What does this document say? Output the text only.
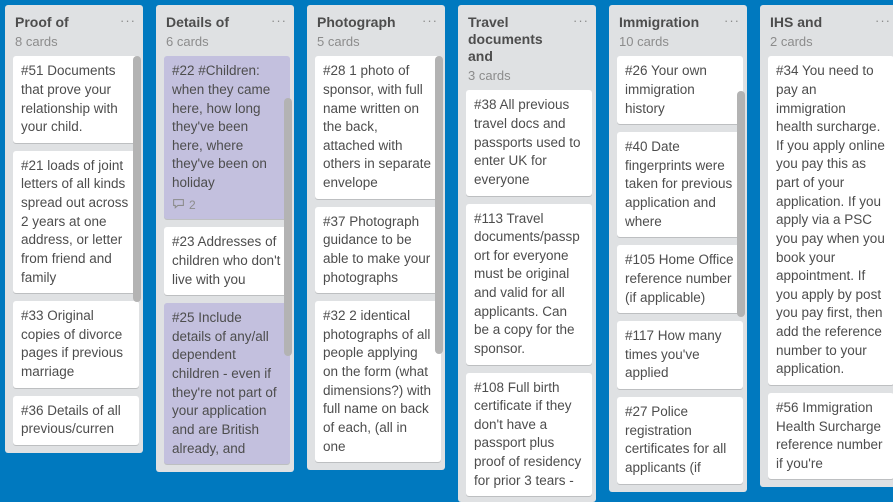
Proof of	···
8 cards
#51 Documents that prove your relationship with your child.
#21 loads of joint letters of all kinds spread out across 2 years at one address, or letter from friend and family
#33 Original copies of divorce pages if previous marriage
#36 Details of all previous/curren
Details of	···
6 cards
#22 #Children: when they came here, how long they've been here, where they've been on holiday
2
#23 Addresses of children who don't live with you
#25 Include details of any/all dependent children - even if they're not part of your application and are British already, and
Photograph	···
5 cards
#28 1 photo of sponsor, with full name written on the back, attached with others in separate envelope
#37 Photograph guidance to be able to make your photographs
#32 2 identical photographs of all people applying on the form (what dimensions?) with full name on back of each, (all in one
Travel documents and
···
3 cards
#38 All previous travel docs and passports used to enter UK for everyone
#113 Travel documents/passport for everyone must be original and valid for all applicants. Can be a copy for the sponsor.
#108 Full birth certificate if they don't have a passport plus proof of residency for prior 3 tears -
Immigration	···
10 cards
#26 Your own immigration history
#40 Date fingerprints were taken for previous application and where
#105 Home Office reference number (if applicable)
#117 How many times you've applied
#27 Police registration certificates for all applicants (if
IHS and	···
2 cards
#34 You need to pay an immigration health surcharge. If you apply online you pay this as part of your application. If you apply via a PSC you pay when you book your appointment. If you apply by post you pay first, then add the reference number to your application.
#56 Immigration Health Surcharge reference number if you're
